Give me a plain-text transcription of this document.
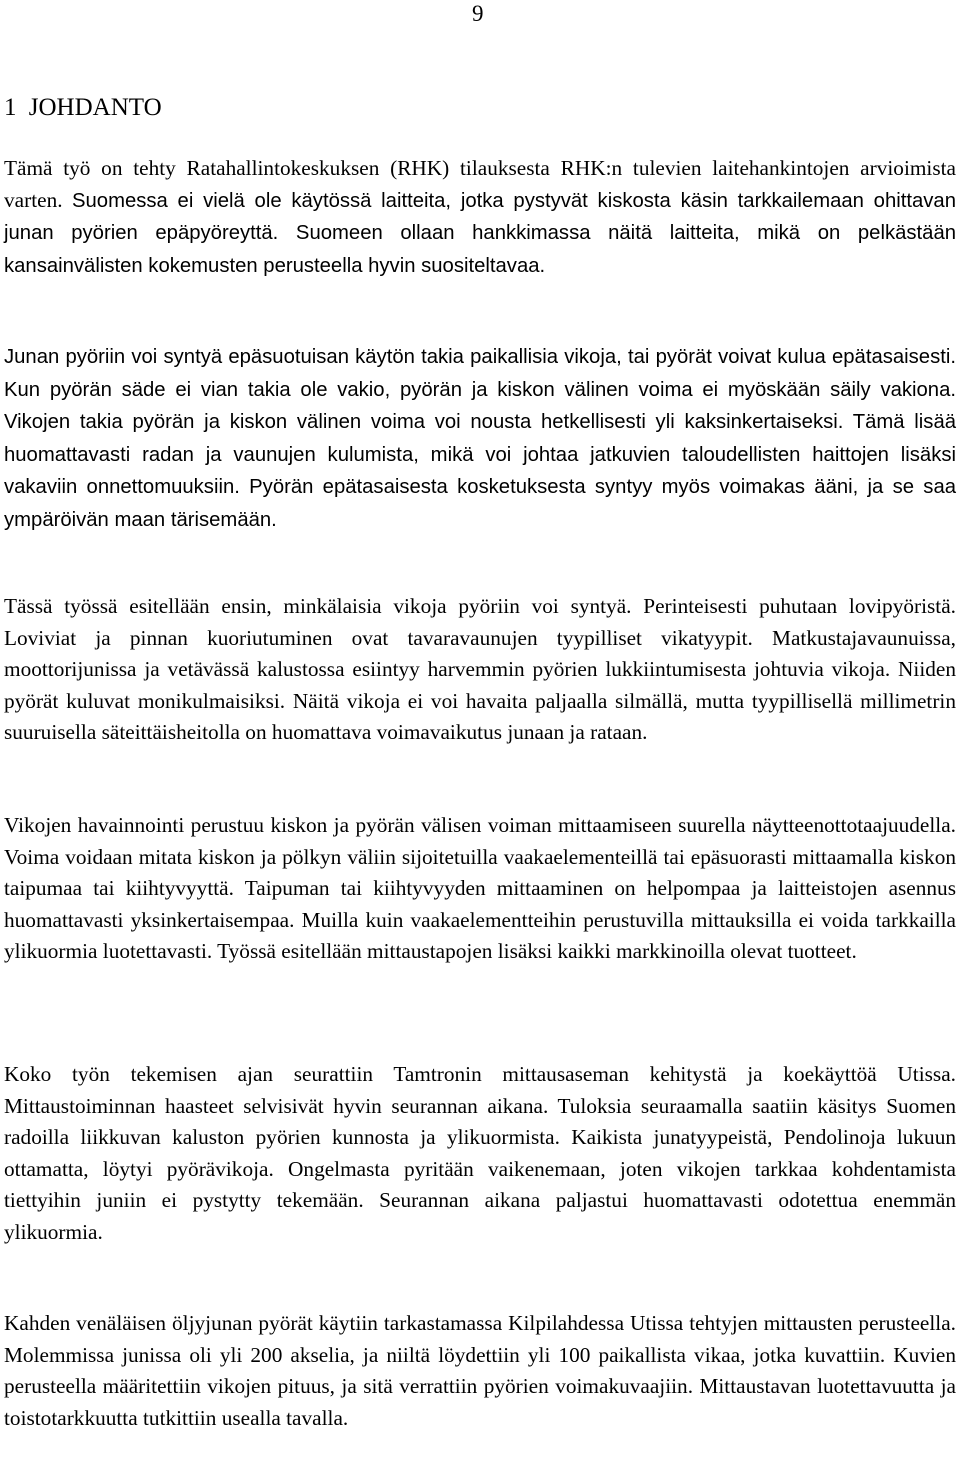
9
1 JOHDANTO

Tämä työ on tehty Ratahallintokeskuksen (RHK) tilauksesta RHK:n tulevien laitehankintojen arvioimista varten. Suomessa ei vielä ole käytössä laitteita, jotka pystyvät kiskosta käsin tarkkailemaan ohittavan junan pyörien epäpyöreyttä. Suomeen ollaan hankkimassa näitä laitteita, mikä on pelkästään kansainvälisten kokemusten perusteella hyvin suositeltavaa.

Junan pyöriin voi syntyä epäsuotuisan käytön takia paikallisia vikoja, tai pyörät voivat kulua epätasaisesti. Kun pyörän säde ei vian takia ole vakio, pyörän ja kiskon välinen voima ei myöskään säily vakiona. Vikojen takia pyörän ja kiskon välinen voima voi nousta hetkellisesti yli kaksinkertaiseksi. Tämä lisää huomattavasti radan ja vaunujen kulumista, mikä voi johtaa jatkuvien taloudellisten haittojen lisäksi vakaviin onnettomuuksiin. Pyörän epätasaisesta kosketuksesta syntyy myös voimakas ääni, ja se saa ympäröivän maan tärisemään.

Tässä työssä esitellään ensin, minkälaisia vikoja pyöriin voi syntyä. Perinteisesti puhutaan lovipyöristä. Loviviat ja pinnan kuoriutuminen ovat tavaravaunujen tyypilliset vikatyypit. Matkustajavaunuissa, moottorijunissa ja vetävässä kalustossa esiintyy harvemmin pyörien lukkiintumisesta johtuvia vikoja. Niiden pyörät kuluvat monikulmaisiksi. Näitä vikoja ei voi havaita paljaalla silmällä, mutta tyypillisellä millimetrin suuruisella säteittäisheitolla on huomattava voimavaikutus junaan ja rataan.

Vikojen havainnointi perustuu kiskon ja pyörän välisen voiman mittaamiseen suurella näytteenottotaajuudella. Voima voidaan mitata kiskon ja pölkyn väliin sijoitetuilla vaakaelementeillä tai epäsuorasti mittaamalla kiskon taipumaa tai kiihtyvyyttä. Taipuman tai kiihtyvyyden mittaaminen on helpompaa ja laitteistojen asennus huomattavasti yksinkertaisempaa. Muilla kuin vaakaelementteihin perustuvilla mittauksilla ei voida tarkkailla ylikuormia luotettavasti. Työssä esitellään mittaustapojen lisäksi kaikki markkinoilla olevat tuotteet.

Koko työn tekemisen ajan seurattiin Tamtronin mittausaseman kehitystä ja koekäyttöä Utissa. Mittaustoiminnan haasteet selvisivät hyvin seurannan aikana. Tuloksia seuraamalla saatiin käsitys Suomen radoilla liikkuvan kaluston pyörien kunnosta ja ylikuormista. Kaikista junatyypeistä, Pendolinoja lukuun ottamatta, löytyi pyörävikoja. Ongelmasta pyritään vaikenemaan, joten vikojen tarkkaa kohdentamista tiettyihin juniin ei pystytty tekemään. Seurannan aikana paljastui huomattavasti odotettua enemmän ylikuormia.

Kahden venäläisen öljyjunan pyörät käytiin tarkastamassa Kilpilahdessa Utissa tehtyjen mittausten perusteella. Molemmissa junissa oli yli 200 akselia, ja niiltä löydettiin yli 100 paikallista vikaa, jotka kuvattiin. Kuvien perusteella määritettiin vikojen pituus, ja sitä verrattiin pyörien voimakuvaajiin. Mittaustavan luotettavuutta ja toistotarkkuutta tutkittiin usealla tavalla.
